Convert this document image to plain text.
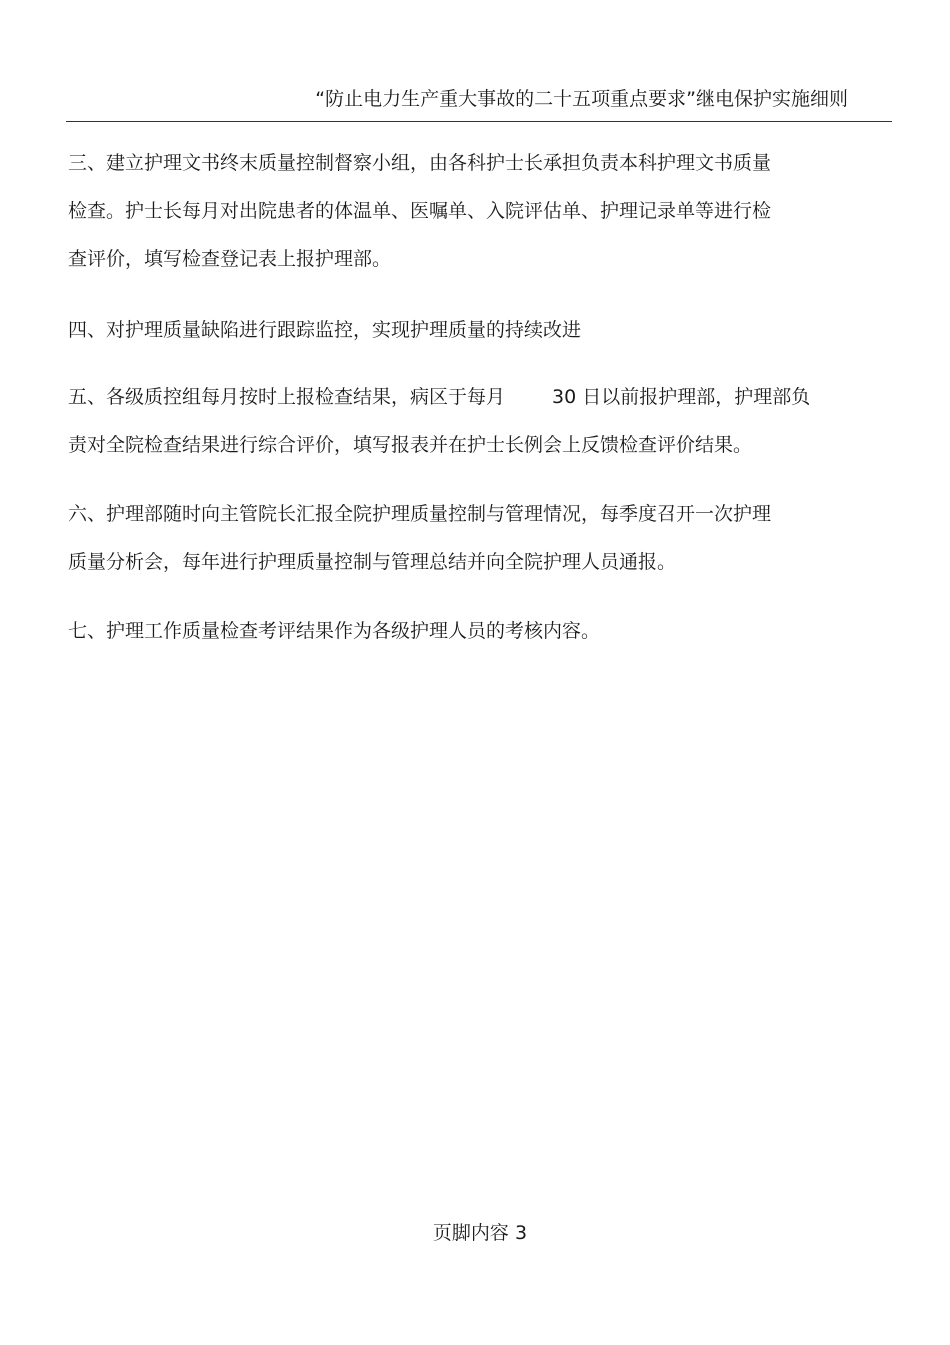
“防止电力生产重大事故的二十五项重点要求”继电保护实施细则
三、建立护理文书终末质量控制督察小组，由各科护士长承担负责本科护理文书质量
检查。护士长每月对出院患者的体温单、医嘱单、入院评估单、护理记录单等进行检
查评价，填写检查登记表上报护理部。
四、对护理质量缺陷进行跟踪监控，实现护理质量的持续改进
五、各级质控组每月按时上报检查结果，病区于每月 30 日以前报护理部，护理部负
责对全院检查结果进行综合评价，填写报表并在护士长例会上反馈检查评价结果。
六、护理部随时向主管院长汇报全院护理质量控制与管理情况，每季度召开一次护理
质量分析会，每年进行护理质量控制与管理总结并向全院护理人员通报。
七、护理工作质量检查考评结果作为各级护理人员的考核内容。
页脚内容 3
